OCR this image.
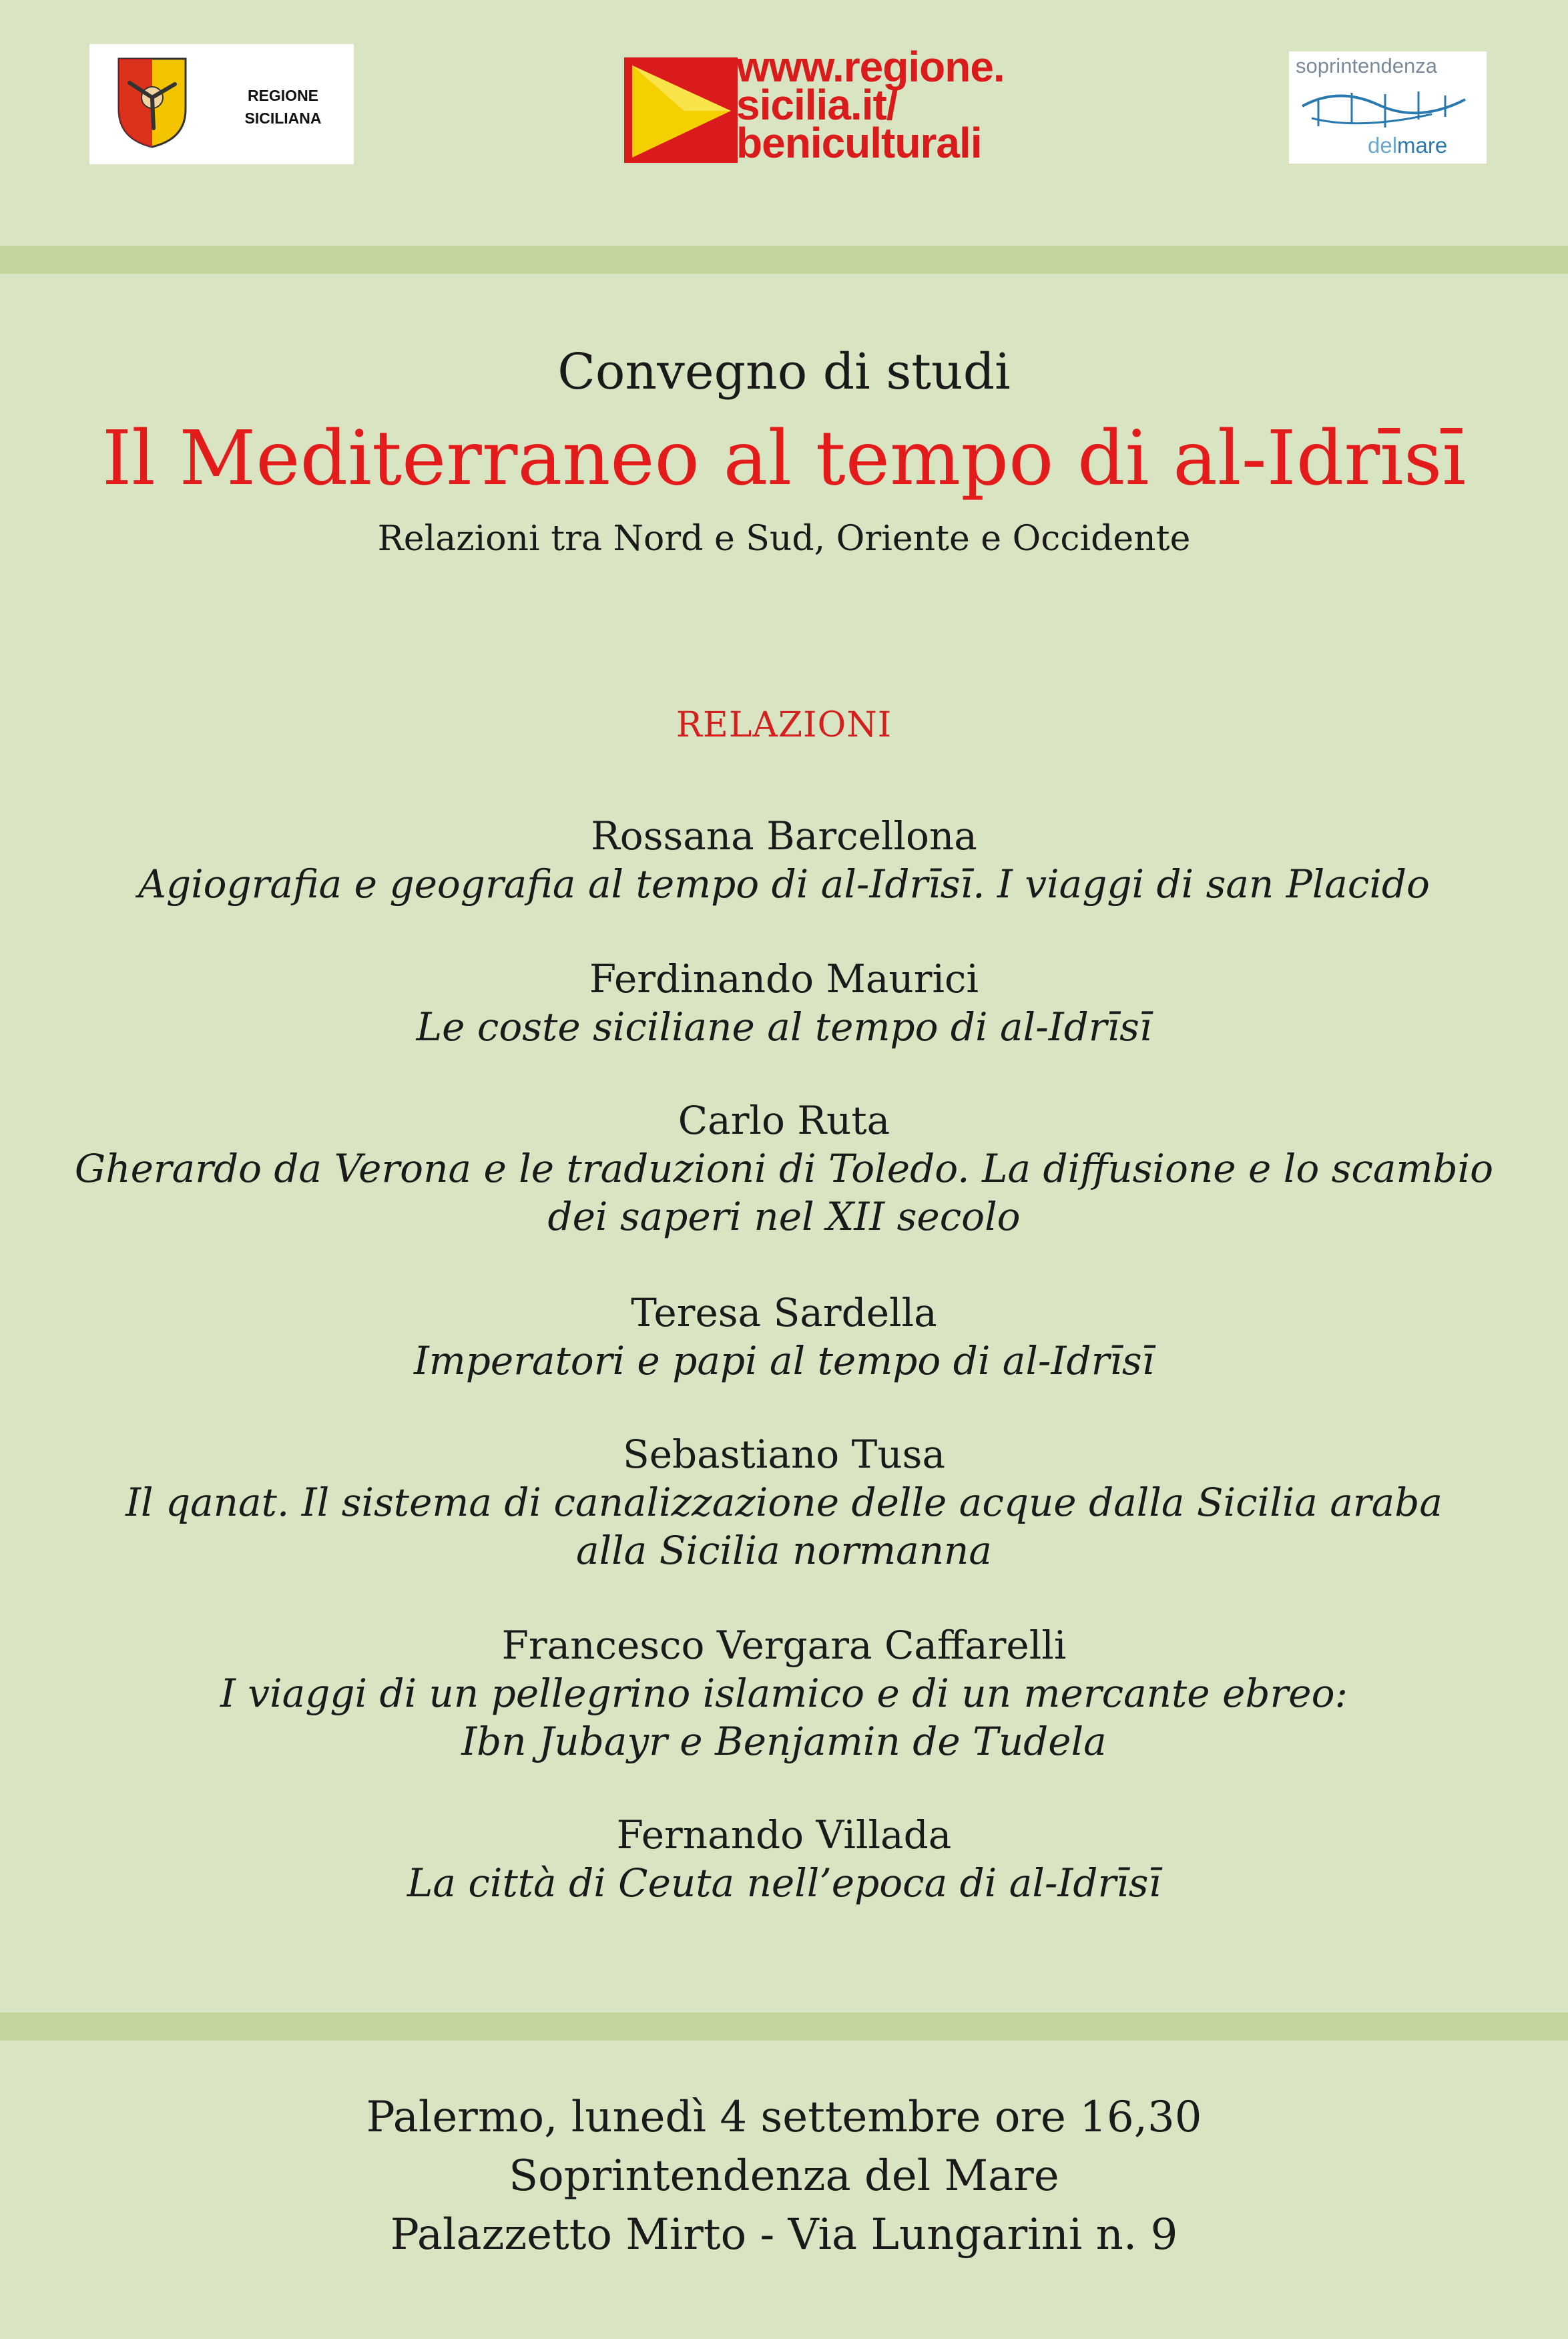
REGIONE
SICILIANA
www.regione.
sicilia.it/
beniculturali
soprintendenza
delmare
Convegno di studi
Il Mediterraneo al tempo di al-Idrīsī
Relazioni tra Nord e Sud, Oriente e Occidente
RELAZIONI
Rossana Barcellona
Agiografia e geografia al tempo di al-Idrīsī. I viaggi di san Placido
Ferdinando Maurici
Le coste siciliane al tempo di al-Idrīsī
Carlo Ruta
Gherardo da Verona e le traduzioni di Toledo. La diffusione e lo scambio
dei saperi nel XII secolo
Teresa Sardella
Imperatori e papi al tempo di al-Idrīsī
Sebastiano Tusa
Il qanat. Il sistema di canalizzazione delle acque dalla Sicilia araba
alla Sicilia normanna
Francesco Vergara Caffarelli
I viaggi di un pellegrino islamico e di un mercante ebreo:
Ibn Jubayr e Benjamin de Tudela
Fernando Villada
La città di Ceuta nell’epoca di al-Idrīsī
Palermo, lunedì 4 settembre ore 16,30
Soprintendenza del Mare
Palazzetto Mirto - Via Lungarini n. 9
